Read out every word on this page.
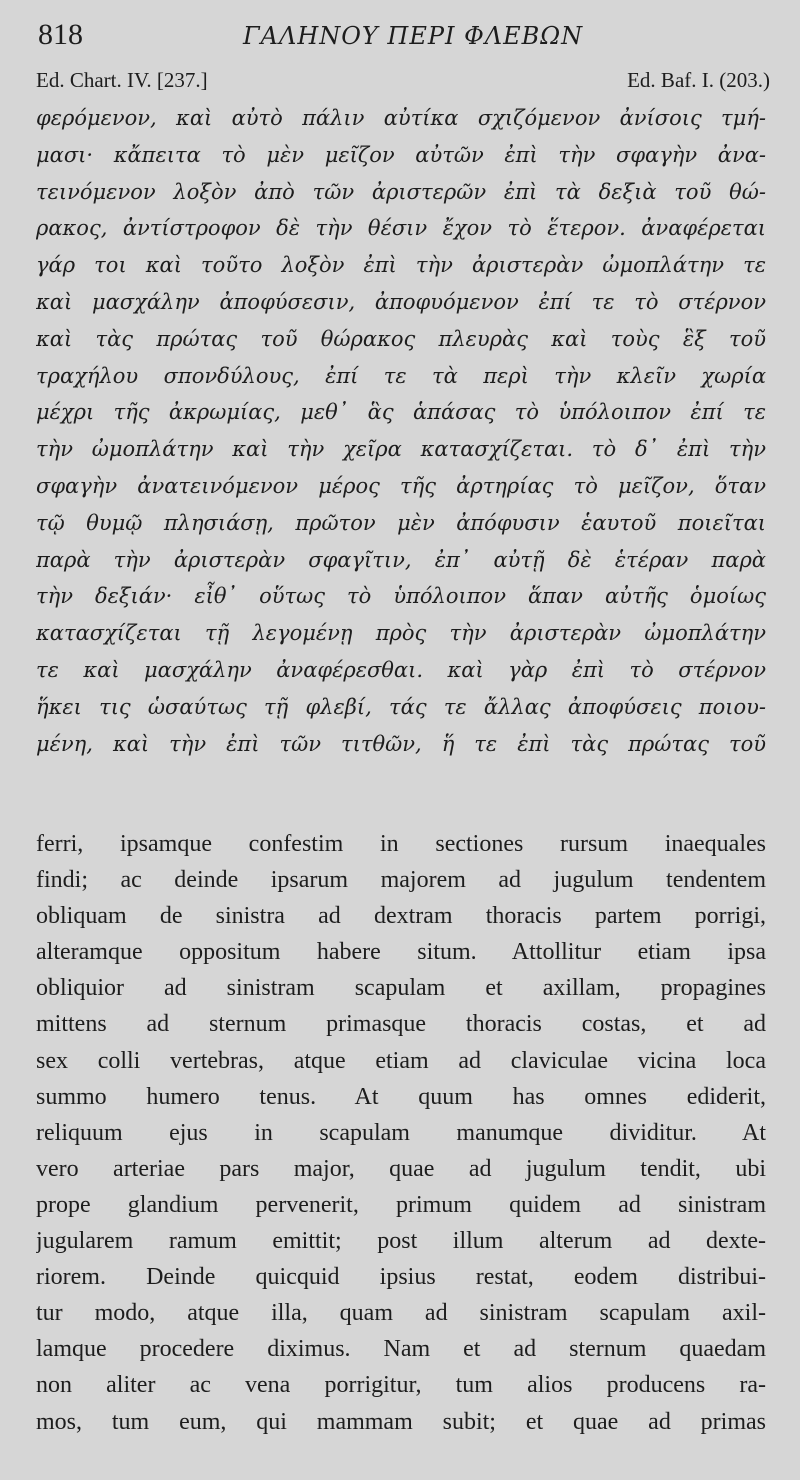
818	ΓΑΛΗΝΟΥ ΠΕΡΙ ΦΛΕΒΩΝ
Ed. Chart. IV. [237.]	Ed. Baf. I. (203.)
φερόμενον, καὶ αὐτὸ πάλιν αὐτίκα σχιζόμενον ἀνίσοις τμή-
μασι· κἄπειτα τὸ μὲν μεῖζον αὐτῶν ἐπὶ τὴν σφαγὴν ἀνα-
τεινόμενον λοξὸν ἀπὸ τῶν ἀριστερῶν ἐπὶ τὰ δεξιὰ τοῦ θώ-
ρακος, ἀντίστροφον δὲ τὴν θέσιν ἔχον τὸ ἕτερον. ἀναφέρεται
γάρ τοι καὶ τοῦτο λοξὸν ἐπὶ τὴν ἀριστερὰν ὠμοπλάτην τε
καὶ μασχάλην ἀποφύσεσιν, ἀποφυόμενον ἐπί τε τὸ στέρνον
καὶ τὰς πρώτας τοῦ θώρακος πλευρὰς καὶ τοὺς ἓξ τοῦ
τραχήλου σπονδύλους, ἐπί τε τὰ περὶ τὴν κλεῖν χωρία
μέχρι τῆς ἀκρωμίας, μεθ᾽ ἃς ἁπάσας τὸ ὑπόλοιπον ἐπί τε
τὴν ὠμοπλάτην καὶ τὴν χεῖρα κατασχίζεται. τὸ δ᾽ ἐπὶ τὴν
σφαγὴν ἀνατεινόμενον μέρος τῆς ἀρτηρίας τὸ μεῖζον, ὅταν
τῷ θυμῷ πλησιάσῃ, πρῶτον μὲν ἀπόφυσιν ἑαυτοῦ ποιεῖται
παρὰ τὴν ἀριστερὰν σφαγῖτιν, ἐπ᾽ αὐτῇ δὲ ἑτέραν παρὰ
τὴν δεξιάν· εἶθ᾽ οὕτως τὸ ὑπόλοιπον ἅπαν αὐτῆς ὁμοίως
κατασχίζεται τῇ λεγομένῃ πρὸς τὴν ἀριστερὰν ὠμοπλάτην
τε καὶ μασχάλην ἀναφέρεσθαι. καὶ γὰρ ἐπὶ τὸ στέρνον
ἥκει τις ὡσαύτως τῇ φλεβί, τάς τε ἄλλας ἀποφύσεις ποιου-
μένη, καὶ τὴν ἐπὶ τῶν τιτθῶν, ἥ τε ἐπὶ τὰς πρώτας τοῦ
ferri, ipsamque confestim in sectiones rursum inaequales
findi; ac deinde ipsarum majorem ad jugulum tendentem
obliquam de sinistra ad dextram thoracis partem porrigi,
alteramque oppositum habere situm. Attollitur etiam ipsa
obliquior ad sinistram scapulam et axillam, propagines
mittens ad sternum primasque thoracis costas, et ad
sex colli vertebras, atque etiam ad claviculae vicina loca
summo humero tenus. At quum has omnes ediderit,
reliquum ejus in scapulam manumque dividitur. At
vero arteriae pars major, quae ad jugulum tendit, ubi
prope glandium pervenerit, primum quidem ad sinistram
jugularem ramum emittit; post illum alterum ad dexte-
riorem. Deinde quicquid ipsius restat, eodem distribui-
tur modo, atque illa, quam ad sinistram scapulam axil-
lamque procedere diximus. Nam et ad sternum quaedam
non aliter ac vena porrigitur, tum alios producens ra-
mos, tum eum, qui mammam subit; et quae ad primas
